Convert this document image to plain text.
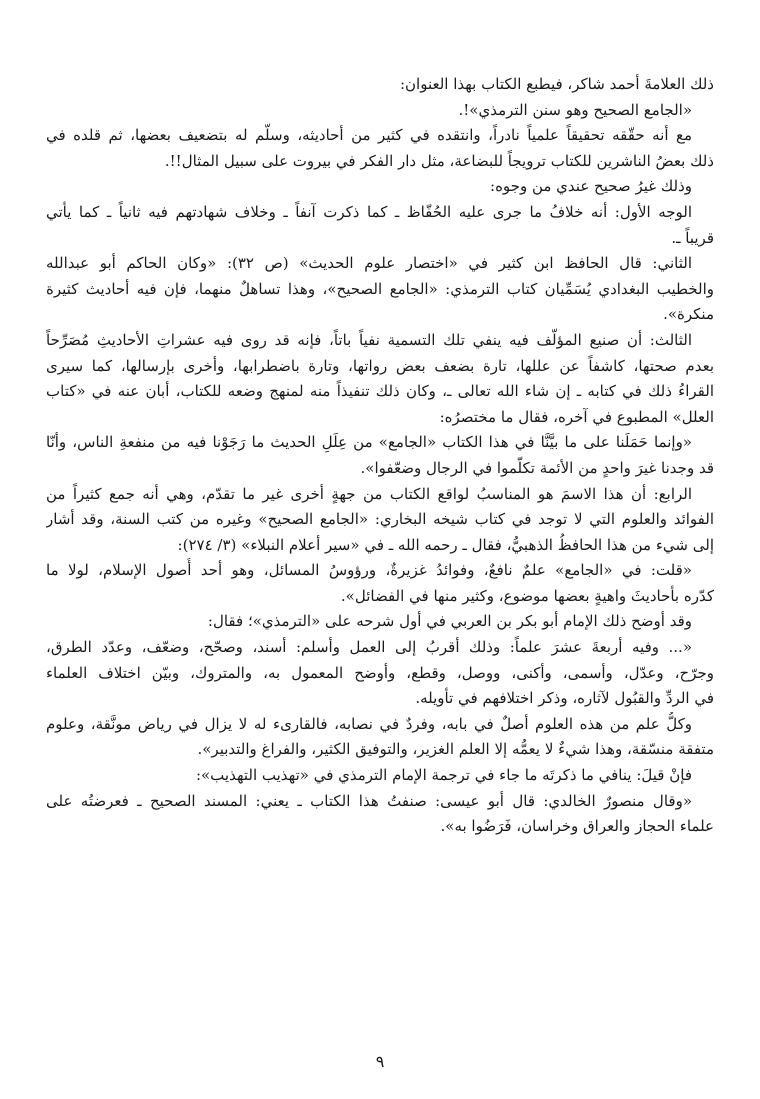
ذلك العلامةَ أحمد شاكر، فيطبع الكتاب بهذا العنوان:
«الجامع الصحيح وهو سنن الترمذي»!.
مع أنه حقّقه تحقيقاً علمياً نادراً، وانتقده في كثير من أحاديثه، وسلّم له بتضعيف بعضها، ثم قلده في
ذلك بعضُ الناشرين للكتاب ترويجاً للبضاعة، مثل دار الفكر في بيروت على سبيل المثال!!.
وذلك غيرُ صحيح عندي من وجوه:
الوجه الأول: أنه خلافُ ما جرى عليه الحُفّاظ ـ كما ذكرت آنفاً ـ وخلاف شهادتهم فيه ثانياً ـ كما يأتي
قريباً ـ.
الثاني: قال الحافظ ابن كثير في «اختصار علوم الحديث» (ص ٣٢): «وكان الحاكم أبو عبدالله
والخطيب البغدادي يُسَمِّيان كتاب الترمذي: «الجامع الصحيح»، وهذا تساهلٌ منهما، فإن فيه أحاديث كثيرة
منكرة».
الثالث: أن صنيع المؤلّف فيه ينفي تلك التسمية نفياً باتاً، فإنه قد روى فيه عشراتِ الأحاديثِ مُصَرِّحاً
بعدم صحتها، كاشفاً عن عللها، تارة بضعف بعض رواتها، وتارة باضطرابها، وأخرى بإرسالها، كما سيرى
القراءُ ذلك في كتابه ـ إن شاء الله تعالى ـ، وكان ذلك تنفيذاً منه لمنهج وضعه للكتاب، أبان عنه في «كتاب
العلل» المطبوع في آخره، فقال ما مختصرُه:
«وإنما حَمَلَنا على ما بيَّنَّا في هذا الكتاب «الجامع» من عِلَلِ الحديث ما رَجَوْنا فيه من منفعةِ الناس، وأنّا
قد وجدنا غيرَ واحدٍ من الأئمة تكلّموا في الرجال وضعّفوا».
الرابع: أن هذا الاسمَ هو المناسبُ لواقع الكتاب من جهةٍ أخرى غير ما تقدّم، وهي أنه جمع كثيراً من
الفوائد والعلوم التي لا توجد في كتاب شيخه البخاري: «الجامع الصحيح» وغيره من كتب السنة، وقد أشار
إلى شيء من هذا الحافظُ الذهبيُّ، فقال ـ رحمه الله ـ في «سير أعلام النبلاء» (٣/ ٢٧٤):
«قلت: في «الجامع» علمٌ نافعٌ، وفوائدُ غزيرةٌ، ورؤوسُ المسائل، وهو أحد أُصول الإسلام، لولا ما
كدّره بأحاديثَ واهيةٍ بعضها موضوع، وكثير منها في الفضائل».
وقد أوضح ذلك الإمام أبو بكر بن العربي في أول شرحه على «الترمذي»؛ فقال:
«... وفيه أربعةَ عشرَ علماً: وذلك أقربُ إلى العمل وأسلم: أسند، وصحّح، وضعّف، وعدّد الطرق،
وجرّح، وعدّل، وأسمى، وأكنى، ووصل، وقطع، وأوضح المعمول به، والمتروك، وبيّن اختلاف العلماء
في الردِّ والقبُول لآثاره، وذكر اختلافهم في تأويله.
وكلُّ علم من هذه العلوم أصلٌ في بابه، وفردٌ في نصابه، فالقارىء له لا يزال في رياض مونَّقة، وعلوم
متفقة منسّقة، وهذا شيءٌ لا يعمُّه إلا العلم الغزير، والتوفيق الكثير، والفراغ والتدبير».
فإنْ قيلَ: ينافي ما ذكرتَه ما جاء في ترجمة الإمام الترمذي في «تهذيب التهذيب»:
«وقال منصورٌ الخالدي: قال أبو عيسى: صنفتُ هذا الكتاب ـ يعني: المسند الصحيح ـ فعرضتُه على
علماء الحجاز والعراق وخراسان، فَرَضُوا به».
٩
